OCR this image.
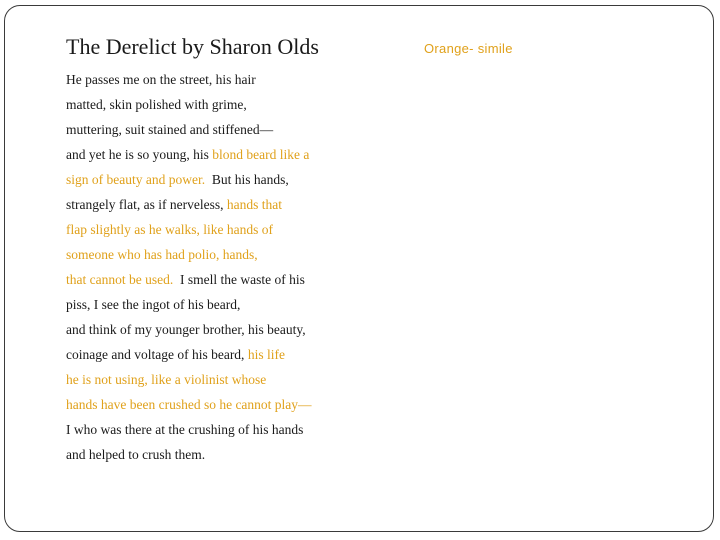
The Derelict by Sharon Olds	Orange- simile
He passes me on the street, his hair
matted, skin polished with grime,
muttering, suit stained and stiffened—
and yet he is so young, his blond beard like a
sign of beauty and power.  But his hands,
strangely flat, as if nerveless, hands that
flap slightly as he walks, like hands of
someone who has had polio, hands,
that cannot be used.  I smell the waste of his
piss, I see the ingot of his beard,
and think of my younger brother, his beauty,
coinage and voltage of his beard, his life
he is not using, like a violinist whose
hands have been crushed so he cannot play—
I who was there at the crushing of his hands
and helped to crush them.
